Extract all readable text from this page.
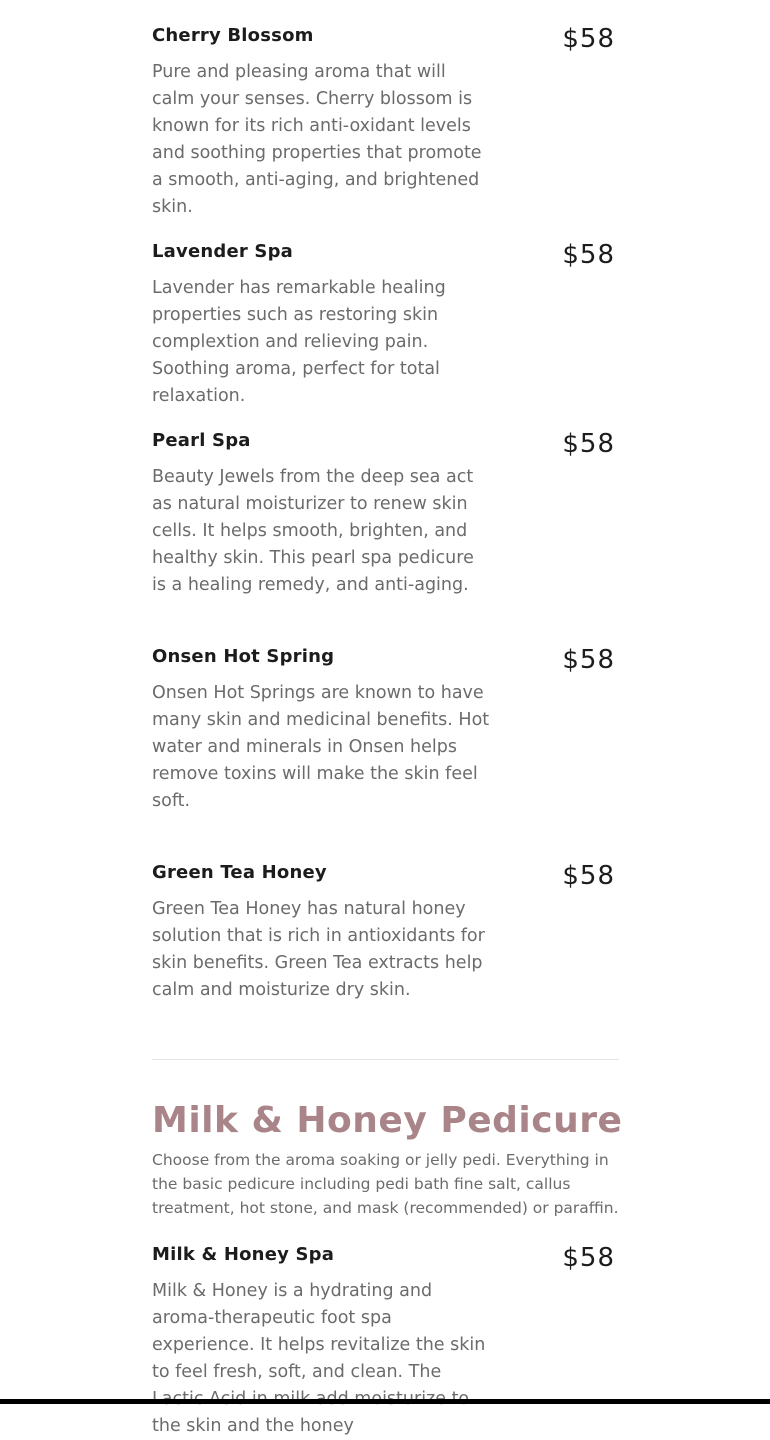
Cherry Blossom	$58

Pure and pleasing aroma that will calm your senses. Cherry blossom is known for its rich anti-oxidant levels and soothing properties that promote a smooth, anti-aging, and brightened skin.

Lavender Spa	$58

Lavender has remarkable healing properties such as restoring skin complextion and relieving pain. Soothing aroma, perfect for total relaxation.

Pearl Spa	$58

Beauty Jewels from the deep sea act as natural moisturizer to renew skin cells. It helps smooth, brighten, and healthy skin. This pearl spa pedicure is a healing remedy, and anti-aging.

Onsen Hot Spring	$58

Onsen Hot Springs are known to have many skin and medicinal benefits. Hot water and minerals in Onsen helps remove toxins will make the skin feel soft.

Green Tea Honey	$58

Green Tea Honey has natural honey solution that is rich in antioxidants for skin benefits. Green Tea extracts help calm and moisturize dry skin.

Milk & Honey Pedicure

Choose from the aroma soaking or jelly pedi. Everything in the basic pedicure including pedi bath fine salt, callus treatment, hot stone, and mask (recommended) or paraffin.

Milk & Honey Spa	$58

Milk & Honey is a hydrating and aroma-therapeutic foot spa experience. It helps revitalize the skin to feel fresh, soft, and clean. The the skin and the honey
